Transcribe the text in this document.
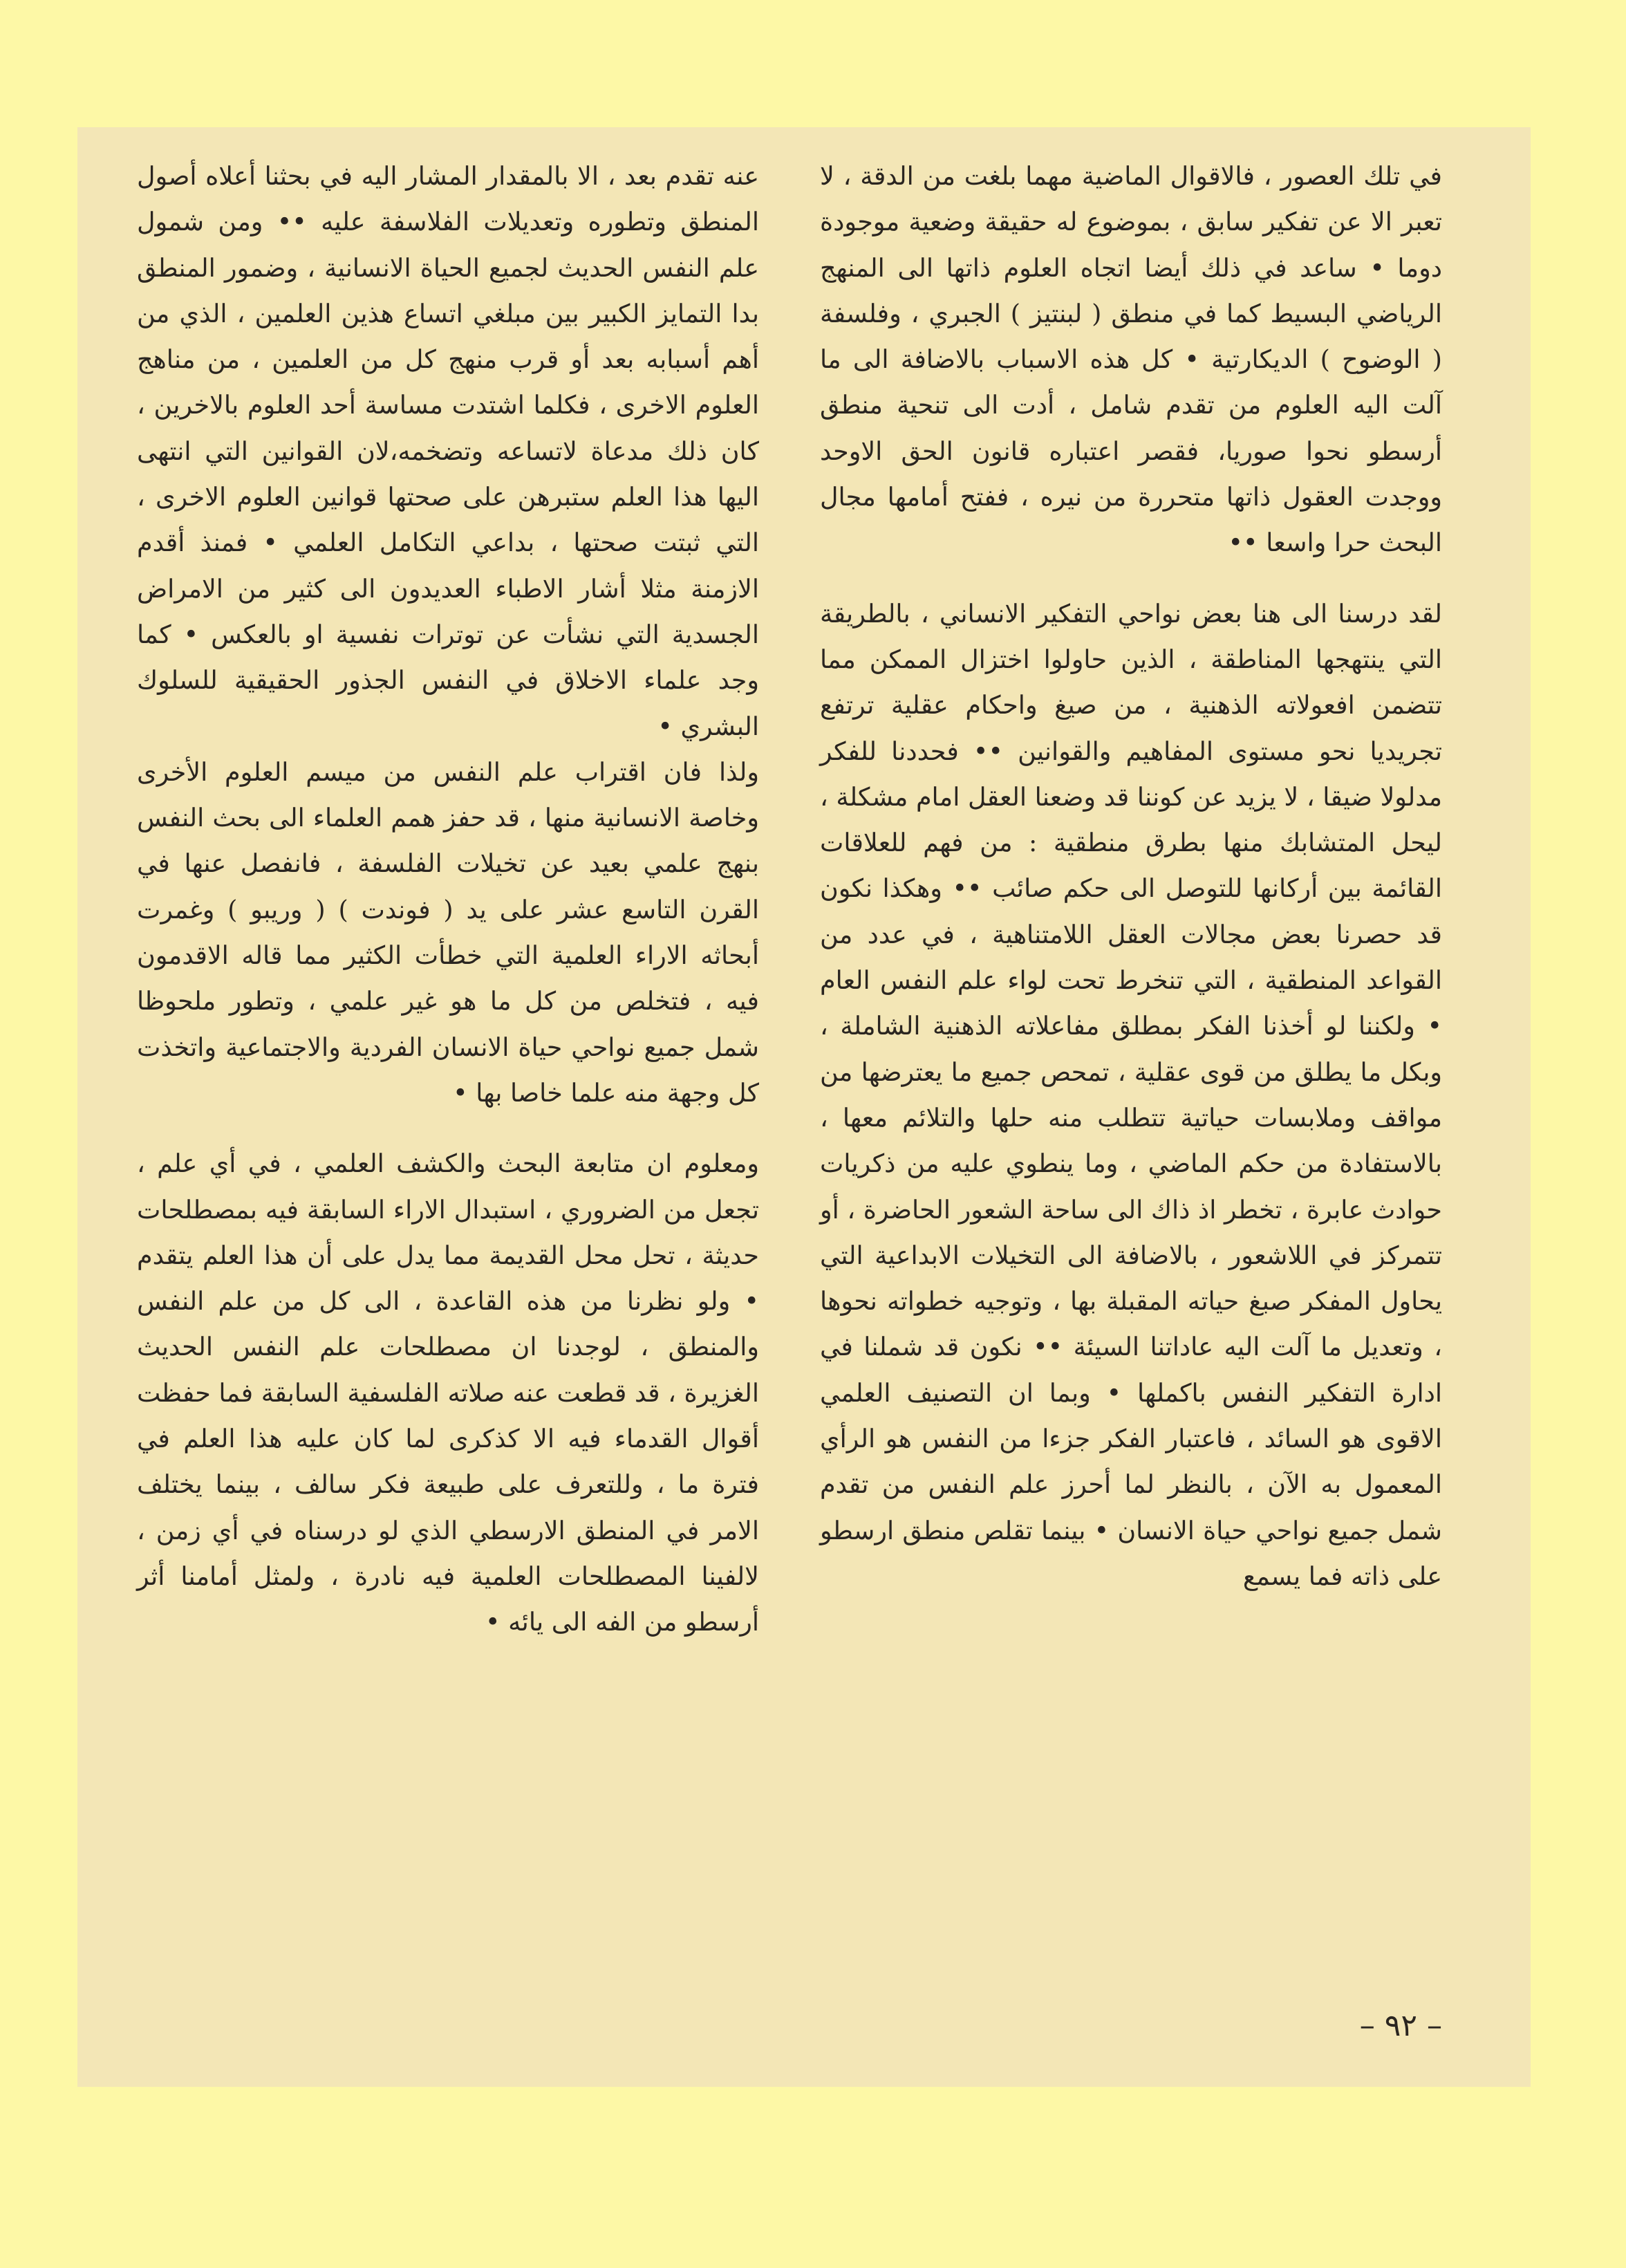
في تلك العصور ، فالاقوال الماضية مهما بلغت من الدقة ، لا تعبر الا عن تفكير سابق ، بموضوع له حقيقة وضعية موجودة دوما • ساعد في ذلك أيضا اتجاه العلوم ذاتها الى المنهج الرياضي البسيط كما في منطق ( لبنتيز ) الجبري ، وفلسفة ( الوضوح ) الديكارتية • كل هذه الاسباب بالاضافة الى ما آلت اليه العلوم من تقدم شامل ، أدت الى تنحية منطق أرسطو نحوا صوريا، فقصر اعتباره قانون الحق الاوحد ووجدت العقول ذاتها متحررة من نيره ، ففتح أمامها مجال البحث حرا واسعا ••

لقد درسنا الى هنا بعض نواحي التفكير الانساني ، بالطريقة التي ينتهجها المناطقة ، الذين حاولوا اختزال الممكن مما تتضمن افعولاته الذهنية ، من صيغ واحكام عقلية ترتفع تجريديا نحو مستوى المفاهيم والقوانين •• فحددنا للفكر مدلولا ضيقا ، لا يزيد عن كوننا قد وضعنا العقل امام مشكلة ، ليحل المتشابك منها بطرق منطقية : من فهم للعلاقات القائمة بين أركانها للتوصل الى حكم صائب •• وهكذا نكون قد حصرنا بعض مجالات العقل اللامتناهية ، في عدد من القواعد المنطقية ، التي تنخرط تحت لواء علم النفس العام • ولكننا لو أخذنا الفكر بمطلق مفاعلاته الذهنية الشاملة ، وبكل ما يطلق من قوى عقلية ، تمحص جميع ما يعترضها من مواقف وملابسات حياتية تتطلب منه حلها والتلائم معها ، بالاستفادة من حكم الماضي ، وما ينطوي عليه من ذكريات حوادث عابرة ، تخطر اذ ذاك الى ساحة الشعور الحاضرة ، أو تتمركز في اللاشعور ، بالاضافة الى التخيلات الابداعية التي يحاول المفكر صبغ حياته المقبلة بها ، وتوجيه خطواته نحوها ، وتعديل ما آلت اليه عاداتنا السيئة •• نكون قد شملنا في ادارة التفكير النفس باكملها • وبما ان التصنيف العلمي الاقوى هو السائد ، فاعتبار الفكر جزءا من النفس هو الرأي المعمول به الآن ، بالنظر لما أحرز علم النفس من تقدم شمل جميع نواحي حياة الانسان • بينما تقلص منطق ارسطو على ذاته فما يسمع

عنه تقدم بعد ، الا بالمقدار المشار اليه في بحثنا أعلاه أصول المنطق وتطوره وتعديلات الفلاسفة عليه •• ومن شمول علم النفس الحديث لجميع الحياة الانسانية ، وضمور المنطق بدا التمايز الكبير بين مبلغي اتساع هذين العلمين ، الذي من أهم أسبابه بعد أو قرب منهج كل من العلمين ، من مناهج العلوم الاخرى ، فكلما اشتدت مساسة أحد العلوم بالاخرين ، كان ذلك مدعاة لاتساعه وتضخمه،لان القوانين التي انتهى اليها هذا العلم ستبرهن على صحتها قوانين العلوم الاخرى ، التي ثبتت صحتها ، بداعي التكامل العلمي • فمنذ أقدم الازمنة مثلا أشار الاطباء العديدون الى كثير من الامراض الجسدية التي نشأت عن توترات نفسية او بالعكس • كما وجد علماء الاخلاق في النفس الجذور الحقيقية للسلوك البشري •

ولذا فان اقتراب علم النفس من ميسم العلوم الأخرى وخاصة الانسانية منها ، قد حفز همم العلماء الى بحث النفس بنهج علمي بعيد عن تخيلات الفلسفة ، فانفصل عنها في القرن التاسع عشر على يد ( فوندت ) ( وريبو ) وغمرت أبحاثه الاراء العلمية التي خطأت الكثير مما قاله الاقدمون فيه ، فتخلص من كل ما هو غير علمي ، وتطور ملحوظا شمل جميع نواحي حياة الانسان الفردية والاجتماعية واتخذت كل وجهة منه علما خاصا بها •

ومعلوم ان متابعة البحث والكشف العلمي ، في أي علم ، تجعل من الضروري ، استبدال الاراء السابقة فيه بمصطلحات حديثة ، تحل محل القديمة مما يدل على أن هذا العلم يتقدم • ولو نظرنا من هذه القاعدة ، الى كل من علم النفس والمنطق ، لوجدنا ان مصطلحات علم النفس الحديث الغزيرة ، قد قطعت عنه صلاته الفلسفية السابقة فما حفظت أقوال القدماء فيه الا كذكرى لما كان عليه هذا العلم في فترة ما ، وللتعرف على طبيعة فكر سالف ، بينما يختلف الامر في المنطق الارسطي الذي لو درسناه في أي زمن ، لالفينا المصطلحات العلمية فيه نادرة ، ولمثل أمامنا أثر أرسطو من الفه الى يائه •

– ٩٢ –
